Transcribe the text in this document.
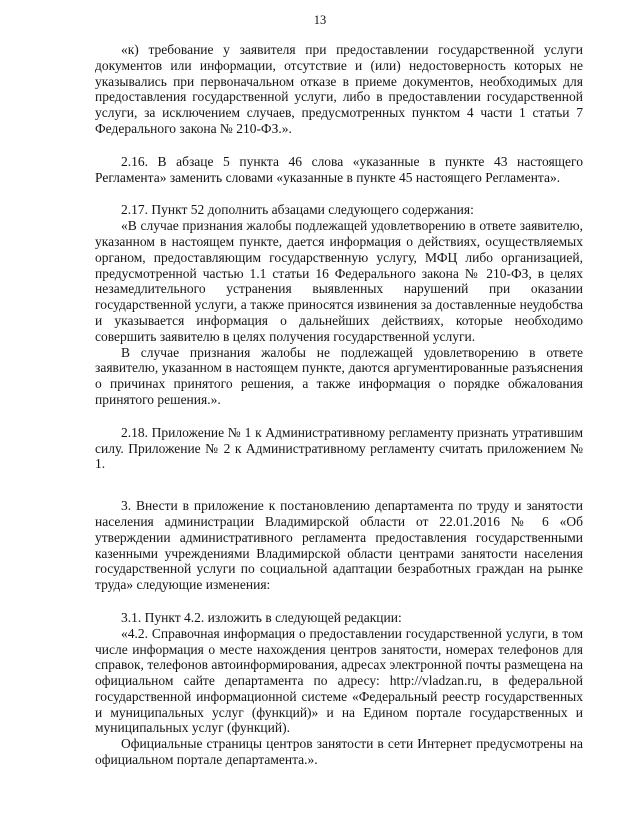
13

«к) требование у заявителя при предоставлении государственной услуги документов или информации, отсутствие и (или) недостоверность которых не указывались при первоначальном отказе в приеме документов, необходимых для предоставления государственной услуги, либо в предоставлении государственной услуги, за исключением случаев, предусмотренных пунктом 4 части 1 статьи 7 Федерального закона № 210-ФЗ.».

2.16. В абзаце 5 пункта 46 слова «указанные в пункте 43 настоящего Регламента» заменить словами «указанные в пункте 45 настоящего Регламента».

2.17. Пункт 52 дополнить абзацами следующего содержания:

«В случае признания жалобы подлежащей удовлетворению в ответе заявителю, указанном в настоящем пункте, дается информация о действиях, осуществляемых органом, предоставляющим государственную услугу, МФЦ либо организацией, предусмотренной частью 1.1 статьи 16 Федерального закона № 210-ФЗ, в целях незамедлительного устранения выявленных нарушений при оказании государственной услуги, а также приносятся извинения за доставленные неудобства и указывается информация о дальнейших действиях, которые необходимо совершить заявителю в целях получения государственной услуги.

В случае признания жалобы не подлежащей удовлетворению в ответе заявителю, указанном в настоящем пункте, даются аргументированные разъяснения о причинах принятого решения, а также информация о порядке обжалования принятого решения.».

2.18. Приложение № 1 к Административному регламенту признать утратившим силу. Приложение № 2 к Административному регламенту считать приложением № 1.

3. Внести в приложение к постановлению департамента по труду и занятости населения администрации Владимирской области от 22.01.2016 № 6 «Об утверждении административного регламента предоставления государственными казенными учреждениями Владимирской области центрами занятости населения государственной услуги по социальной адаптации безработных граждан на рынке труда» следующие изменения:

3.1. Пункт 4.2. изложить в следующей редакции:

«4.2. Справочная информация о предоставлении государственной услуги, в том числе информация о месте нахождения центров занятости, номерах телефонов для справок, телефонов автоинформирования, адресах электронной почты размещена на официальном сайте департамента по адресу: http://vladzan.ru, в федеральной государственной информационной системе «Федеральный реестр государственных и муниципальных услуг (функций)» и на Едином портале государственных и муниципальных услуг (функций).

Официальные страницы центров занятости в сети Интернет предусмотрены на официальном портале департамента.».
